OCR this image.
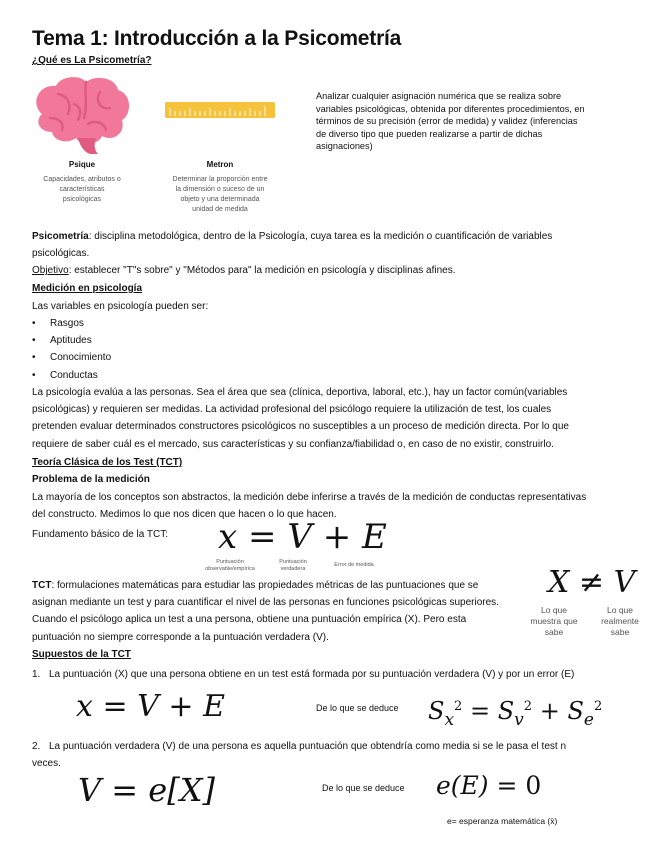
Tema 1: Introducción a la Psicometría
¿Qué es La Psicometría?
Psique
Capacidades, atributos o
características
psicológicas
Metron
Determinar la proporción entre
la dimensión o suceso de un
objeto y una determinada
unidad de medida
Analizar cualquier asignación numérica que se realiza sobre
variables psicológicas, obtenida por diferentes procedimientos, en
términos de su precisión (error de medida) y validez (inferencias
de diverso tipo que pueden realizarse a partir de dichas
asignaciones)
Psicometría: disciplina metodológica, dentro de la Psicología, cuya tarea es la medición o cuantificación de variables
psicológicas.
Objetivo: establecer "T"s sobre" y "Métodos para" la medición en psicología y disciplinas afines.
Medición en psicología
Las variables en psicología pueden ser:
• Rasgos
• Aptitudes
• Conocimiento
• Conductas
La psicología evalúa a las personas. Sea el área que sea (clínica, deportiva, laboral, etc.), hay un factor común(variables
psicológicas) y requieren ser medidas. La actividad profesional del psicólogo requiere la utilización de test, los cuales
pretenden evaluar determinados constructores psicológicos no susceptibles a un proceso de medición directa. Por lo que
requiere de saber cuál es el mercado, sus características y su confianza/fiabilidad o, en caso de no existir, construirlo.
Teoría Clásica de los Test (TCT)
Problema de la medición
La mayoría de los conceptos son abstractos, la medición debe inferirse a través de la medición de conductas representativas
del constructo. Medimos lo que nos dicen que hacen o lo que hacen.
Fundamento básico de la TCT: x = V + E
Puntuación
observable/empírica
Puntuación
verdadera
Error de medida	X ≠ V
Lo que
muestra que
sabe
Lo que
realmente
sabe
TCT: formulaciones matemáticas para estudiar las propiedades métricas de las puntuaciones que se
asignan mediante un test y para cuantificar el nivel de las personas en funciones psicológicas superiores.
Cuando el psicólogo aplica un test a una persona, obtiene una puntuación empírica (X). Pero esta
puntuación no siempre corresponde a la puntuación verdadera (V).
Supuestos de la TCT
1. La puntuación (X) que una persona obtiene en un test está formada por su puntuación verdadera (V) y por un error (E)
x = V + E	De lo que se deduce $S_x^2 = S_v^2 + S_e^2$
2. La puntuación verdadera (V) de una persona es aquella puntuación que obtendría como media si se le pasa el test n
veces.
V = e[X]	De lo que se deduce e(E) = 0
e= esperanza matemática (x̄)
